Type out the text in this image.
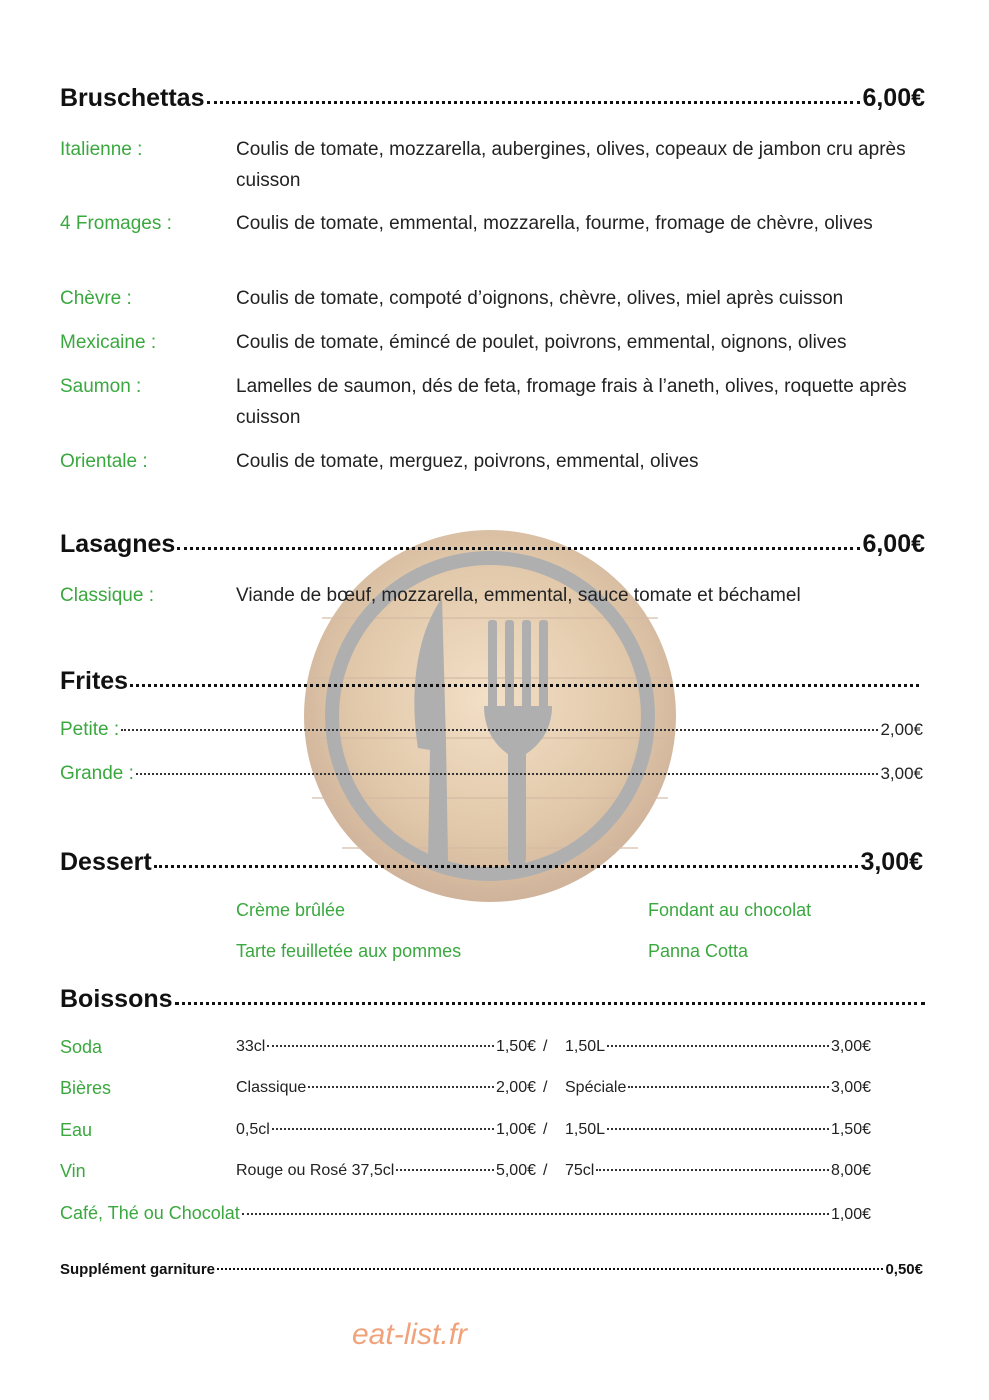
Bruschettas	6,00€
Italienne :	Coulis de tomate, mozzarella, aubergines, olives, copeaux de jambon cru après cuisson
4 Fromages :	Coulis de tomate, emmental, mozzarella, fourme, fromage de chèvre, olives
Chèvre :	Coulis de tomate, compoté d’oignons, chèvre, olives, miel après cuisson
Mexicaine :	Coulis de tomate, émincé de poulet, poivrons, emmental, oignons, olives
Saumon :	Lamelles de saumon, dés de feta, fromage frais à l’aneth, olives, roquette après cuisson
Orientale :	Coulis de tomate, merguez, poivrons, emmental, olives
Lasagnes	6,00€
Classique :	Viande de bœuf, mozzarella, emmental, sauce tomate et béchamel
Frites
Petite :	2,00€
Grande :	3,00€
Dessert	3,00€
Crème brûlée	Fondant au chocolat
Tarte feuilletée aux pommes	Panna Cotta
Boissons
Soda	33cl	1,50€ / 1,50L	3,00€
Bières	Classique	2,00€ / Spéciale	3,00€
Eau	0,5cl	1,00€ / 1,50L	1,50€
Vin	Rouge ou Rosé 37,5cl	5,00€ / 75cl	8,00€
Café, Thé ou Chocolat	1,00€
Supplément garniture	0,50€
eat-list.fr
